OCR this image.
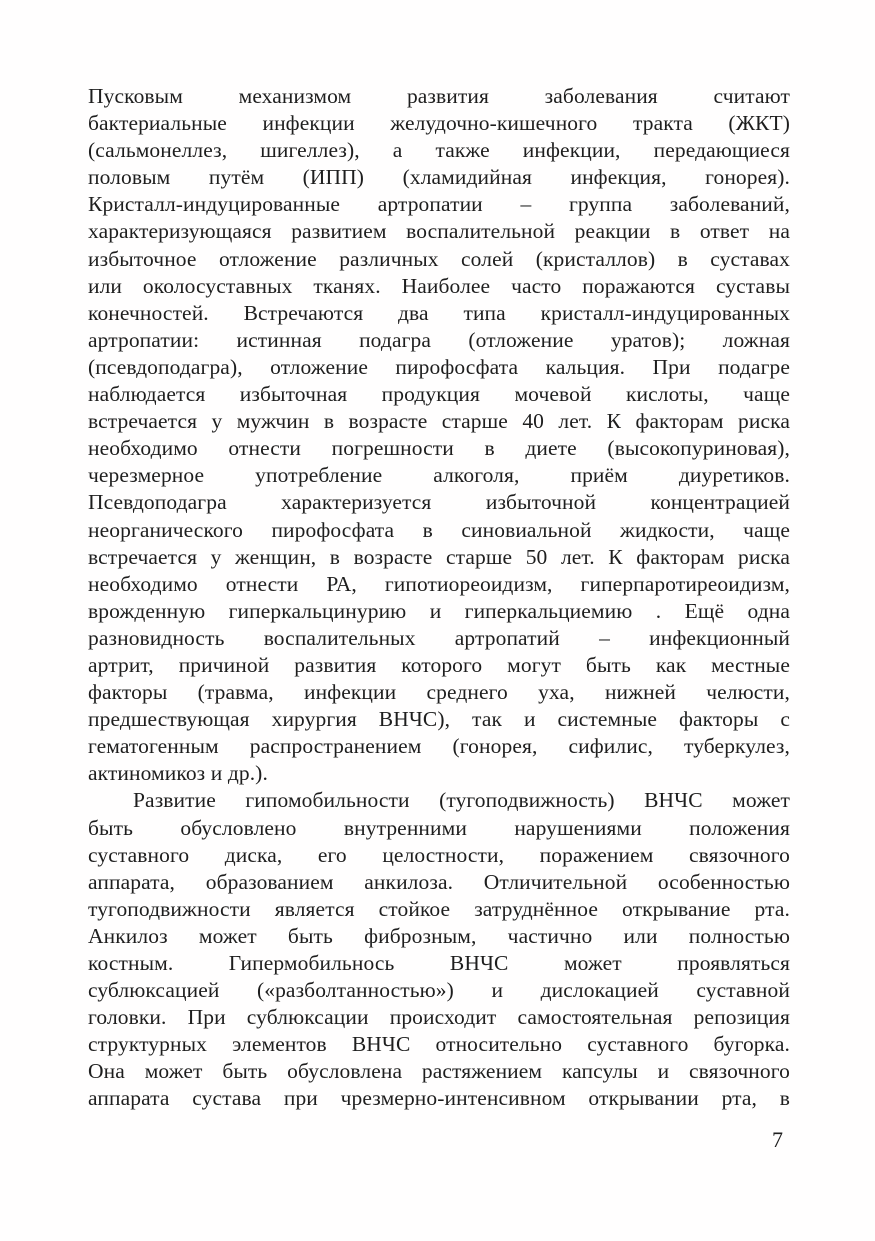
Пусковым механизмом развития заболевания считают
бактериальные инфекции желудочно-кишечного тракта (ЖКТ)
(сальмонеллез, шигеллез), а также инфекции, передающиеся
половым путём (ИПП) (хламидийная инфекция, гонорея).
Кристалл-индуцированные артропатии – группа заболеваний,
характеризующаяся развитием воспалительной реакции в ответ на
избыточное отложение различных солей (кристаллов) в суставах
или околосуставных тканях. Наиболее часто поражаются суставы
конечностей. Встречаются два типа кристалл-индуцированных
артропатии: истинная подагра (отложение уратов); ложная
(псевдоподагра), отложение пирофосфата кальция. При подагре
наблюдается избыточная продукция мочевой кислоты, чаще
встречается у мужчин в возрасте старше 40 лет. К факторам риска
необходимо отнести погрешности в диете (высокопуриновая),
черезмерное употребление алкоголя, приём диуретиков.
Псевдоподагра характеризуется избыточной концентрацией
неорганического пирофосфата в синовиальной жидкости, чаще
встречается у женщин, в возрасте старше 50 лет. К факторам риска
необходимо отнести РА, гипотиореоидизм, гиперпаротиреоидизм,
врожденную гиперкальцинурию и гиперкальциемию . Ещё одна
разновидность воспалительных артропатий – инфекционный
артрит, причиной развития которого могут быть как местные
факторы (травма, инфекции среднего уха, нижней челюсти,
предшествующая хирургия ВНЧС), так и системные факторы с
гематогенным распространением (гонорея, сифилис, туберкулез,
актиномикоз и др.).
Развитие гипомобильности (тугоподвижность) ВНЧС может
быть обусловлено внутренними нарушениями положения
суставного диска, его целостности, поражением связочного
аппарата, образованием анкилоза. Отличительной особенностью
тугоподвижности является стойкое затруднённое открывание рта.
Анкилоз может быть фиброзным, частично или полностью
костным. Гипермобильнось ВНЧС может проявляться
сублюксацией («разболтанностью») и дислокацией суставной
головки. При сублюксации происходит самостоятельная репозиция
структурных элементов ВНЧС относительно суставного бугорка.
Она может быть обусловлена растяжением капсулы и связочного
аппарата сустава при чрезмерно-интенсивном открывании рта, в
7
